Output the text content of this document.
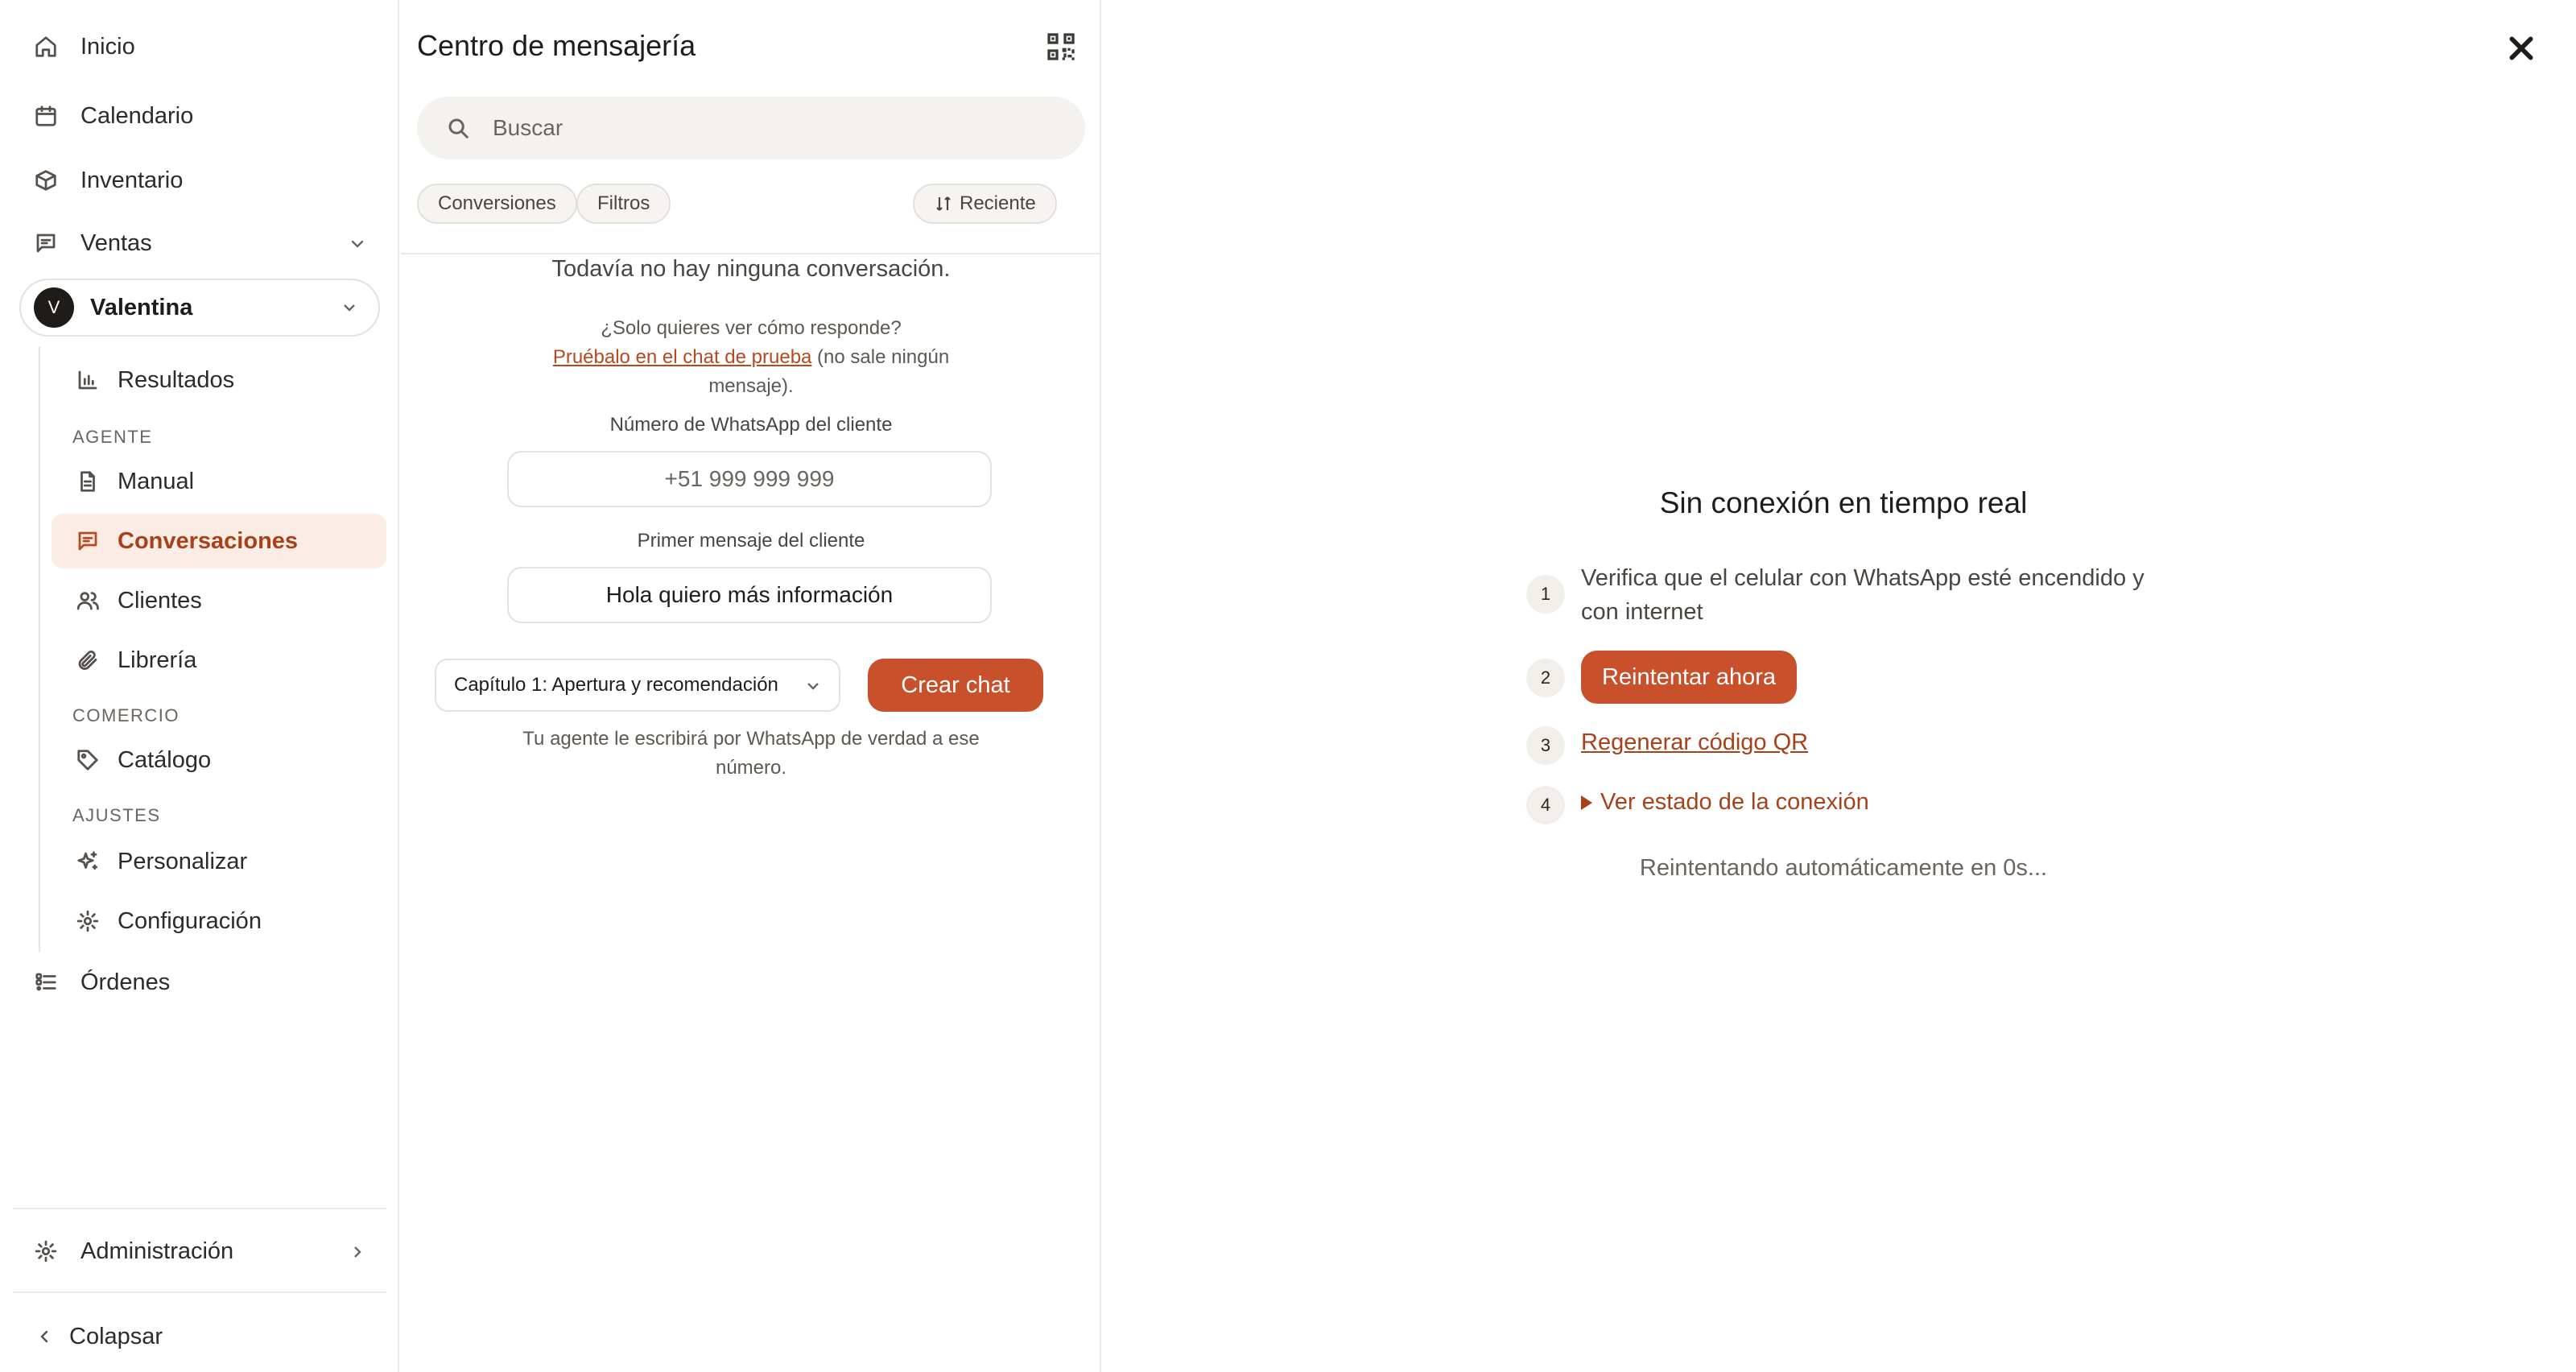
Inicio
Calendario
Inventario
Ventas
V	Valentina
Resultados
AGENTE
Manual
Conversaciones
Clientes
Librería
COMERCIO
Catálogo
AJUSTES
Personalizar
Configuración
Órdenes
Administración
Colapsar
Centro de mensajería
Buscar
Conversiones Filtros	Reciente
Todavía no hay ninguna conversación.
¿Solo quieres ver cómo responde?
Pruébalo en el chat de prueba (no sale ningún
mensaje).
Número de WhatsApp del cliente
+51 999 999 999
Primer mensaje del cliente
Hola quiero más información
Capítulo 1: Apertura y recomendación	Crear chat
Tu agente le escribirá por WhatsApp de verdad a ese
número.
Sin conexión en tiempo real
1
Verifica que el celular con WhatsApp esté encendido y con internet
2	Reintentar ahora
3	Regenerar código QR
4	Ver estado de la conexión
Reintentando automáticamente en 0s...
